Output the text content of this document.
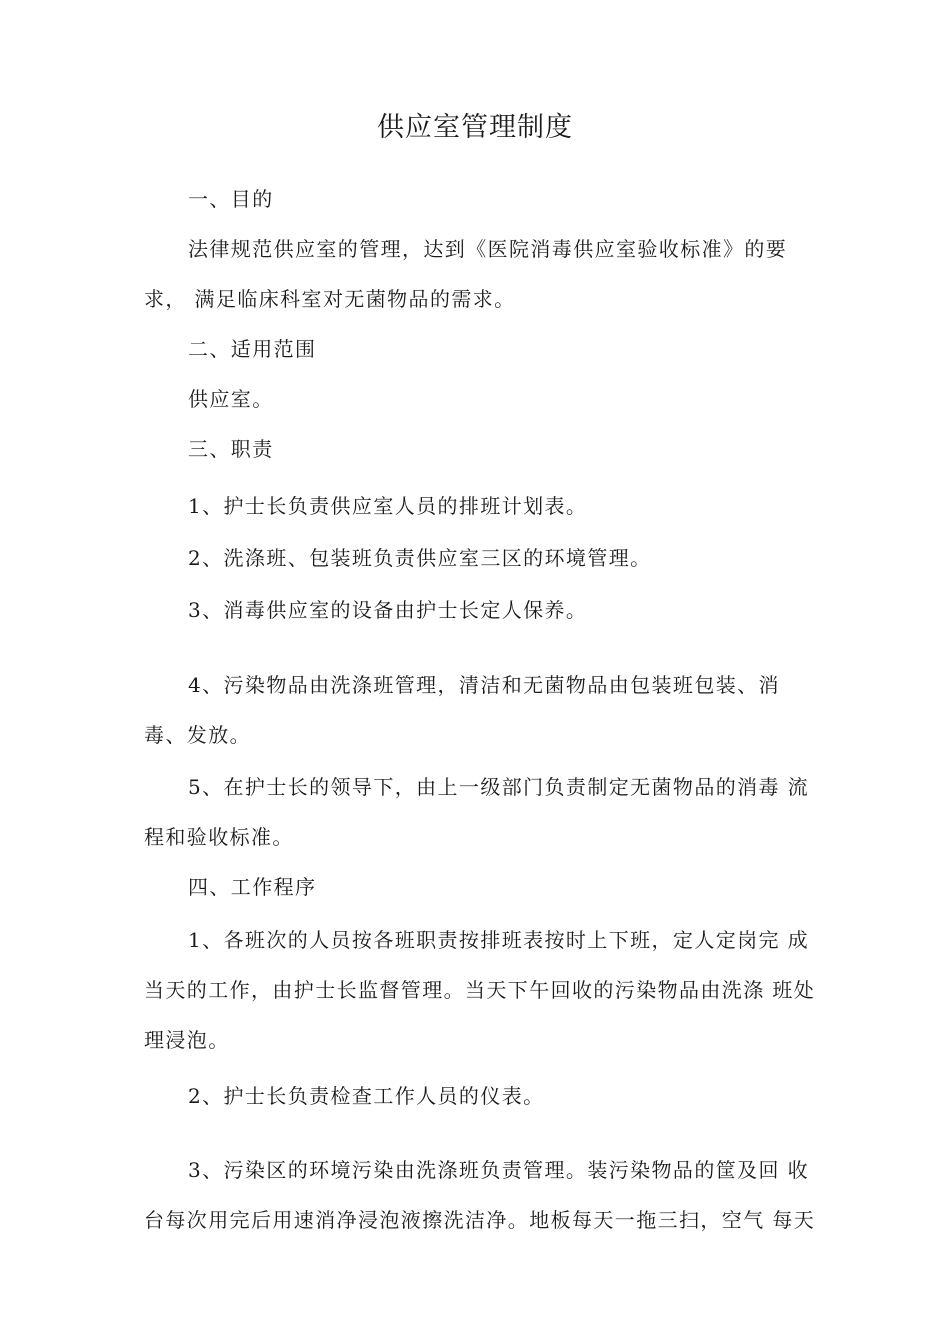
供应室管理制度

一、目的

法律规范供应室的管理，达到《医院消毒供应室验收标准》的要
求， 满足临床科室对无菌物品的需求。

二、适用范围

供应室。

三、职责

1、护士长负责供应室人员的排班计划表。

2、洗涤班、包装班负责供应室三区的环境管理。

3、消毒供应室的设备由护士长定人保养。

4、污染物品由洗涤班管理，清洁和无菌物品由包装班包装、消
毒、发放。
5、在护士长的领导下，由上一级部门负责制定无菌物品的消毒 流
程和验收标准。

四、工作程序

1、各班次的人员按各班职责按排班表按时上下班，定人定岗完 成
当天的工作，由护士长监督管理。当天下午回收的污染物品由洗涤 班处
理浸泡。

2、护士长负责检查工作人员的仪表。

3、污染区的环境污染由洗涤班负责管理。装污染物品的筐及回 收
台每次用完后用速消净浸泡液擦洗洁净。地板每天一拖三扫，空气 每天
